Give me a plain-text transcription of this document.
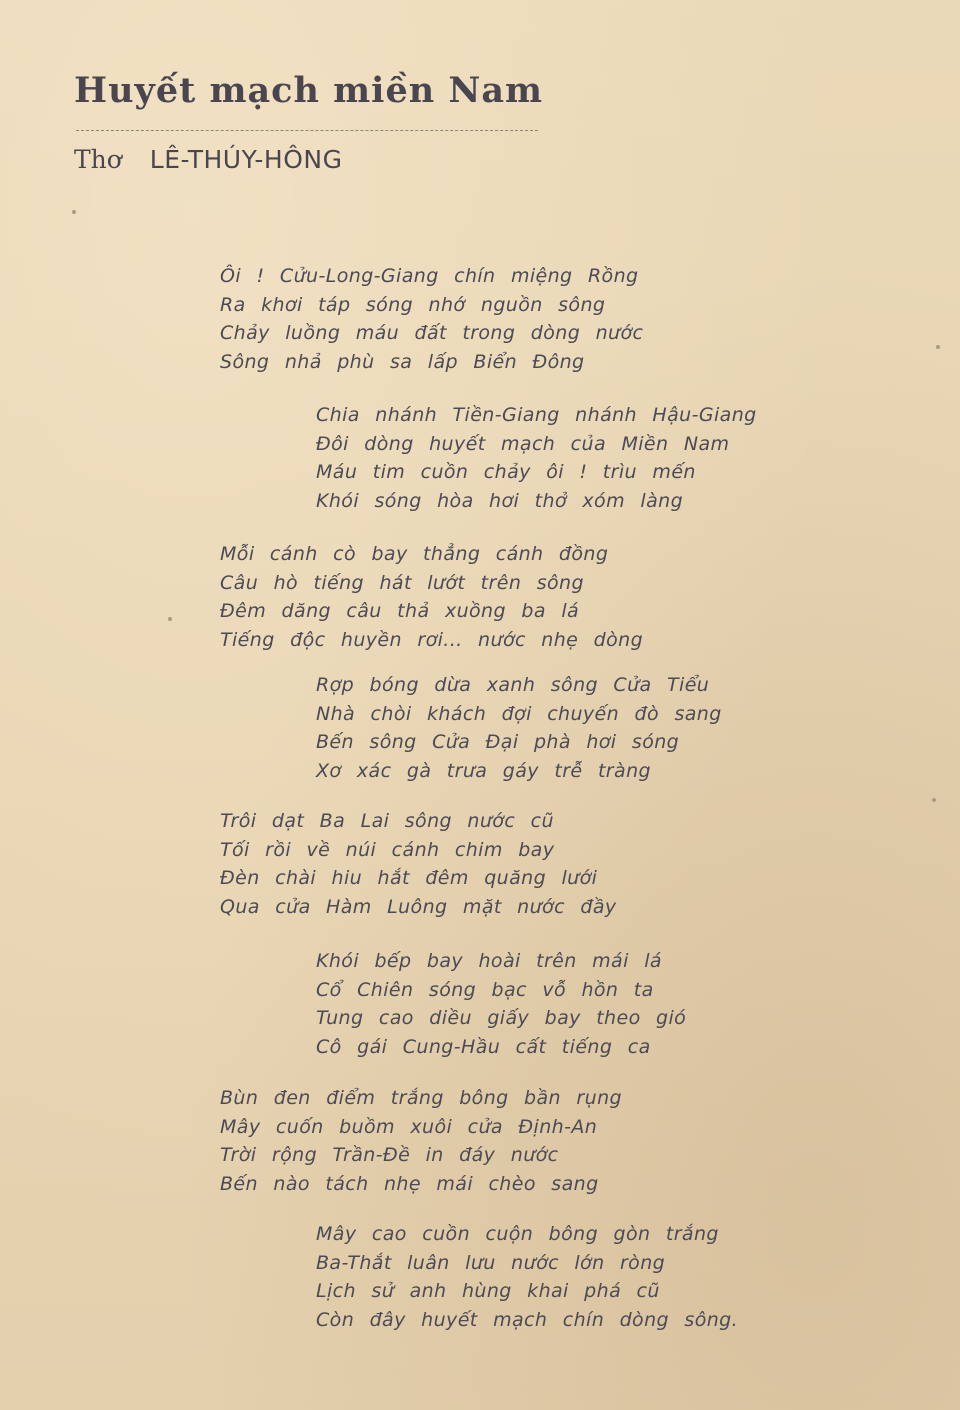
Huyết mạch miền Nam
Thơ LÊ-THÚY-HÔNG
Ôi ! Cửu-Long-Giang chín miệng Rồng
Ra khơi táp sóng nhớ nguồn sông
Chảy luồng máu đất trong dòng nước
Sông nhả phù sa lấp Biển Đông
Chia nhánh Tiền-Giang nhánh Hậu-Giang
Đôi dòng huyết mạch của Miền Nam
Máu tim cuồn chảy ôi ! trìu mến
Khói sóng hòa hơi thở xóm làng
Mỗi cánh cò bay thẳng cánh đồng
Câu hò tiếng hát lướt trên sông
Đêm dăng câu thả xuồng ba lá
Tiếng độc huyền rơi... nước nhẹ dòng
Rợp bóng dừa xanh sông Cửa Tiểu
Nhà chòi khách đợi chuyến đò sang
Bến sông Cửa Đại phà hơi sóng
Xơ xác gà trưa gáy trễ tràng
Trôi dạt Ba Lai sông nước cũ
Tối rồi về núi cánh chim bay
Đèn chài hiu hắt đêm quăng lưới
Qua cửa Hàm Luông mặt nước đầy
Khói bếp bay hoài trên mái lá
Cổ Chiên sóng bạc vỗ hồn ta
Tung cao diều giấy bay theo gió
Cô gái Cung-Hầu cất tiếng ca
Bùn đen điểm trắng bông bần rụng
Mây cuốn buồm xuôi cửa Định-An
Trời rộng Trần-Đề in đáy nước
Bến nào tách nhẹ mái chèo sang
Mây cao cuồn cuộn bông gòn trắng
Ba-Thắt luân lưu nước lớn ròng
Lịch sử anh hùng khai phá cũ
Còn đây huyết mạch chín dòng sông.
